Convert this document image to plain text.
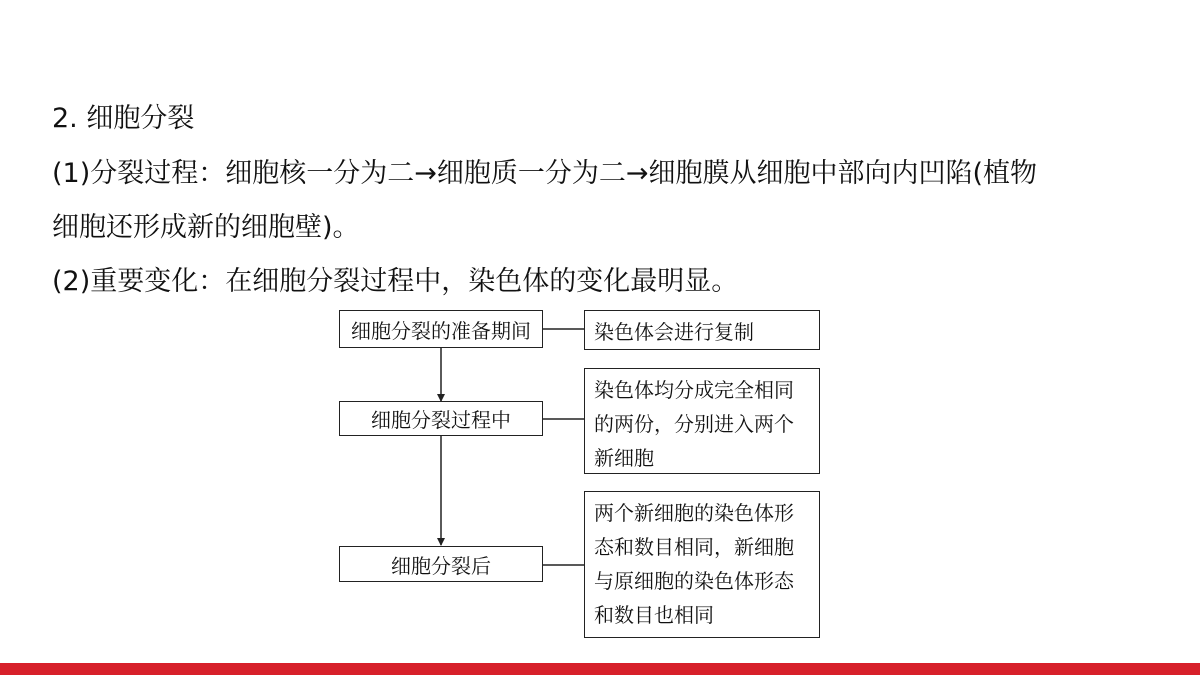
2. 细胞分裂
(1)分裂过程：细胞核一分为二→细胞质一分为二→细胞膜从细胞中部向内凹陷(植物
细胞还形成新的细胞壁)。
(2)重要变化：在细胞分裂过程中，染色体的变化最明显。
细胞分裂的准备期间
细胞分裂过程中
细胞分裂后
染色体会进行复制
染色体均分成完全相同
的两份，分别进入两个
新细胞
两个新细胞的染色体形
态和数目相同，新细胞
与原细胞的染色体形态
和数目也相同
